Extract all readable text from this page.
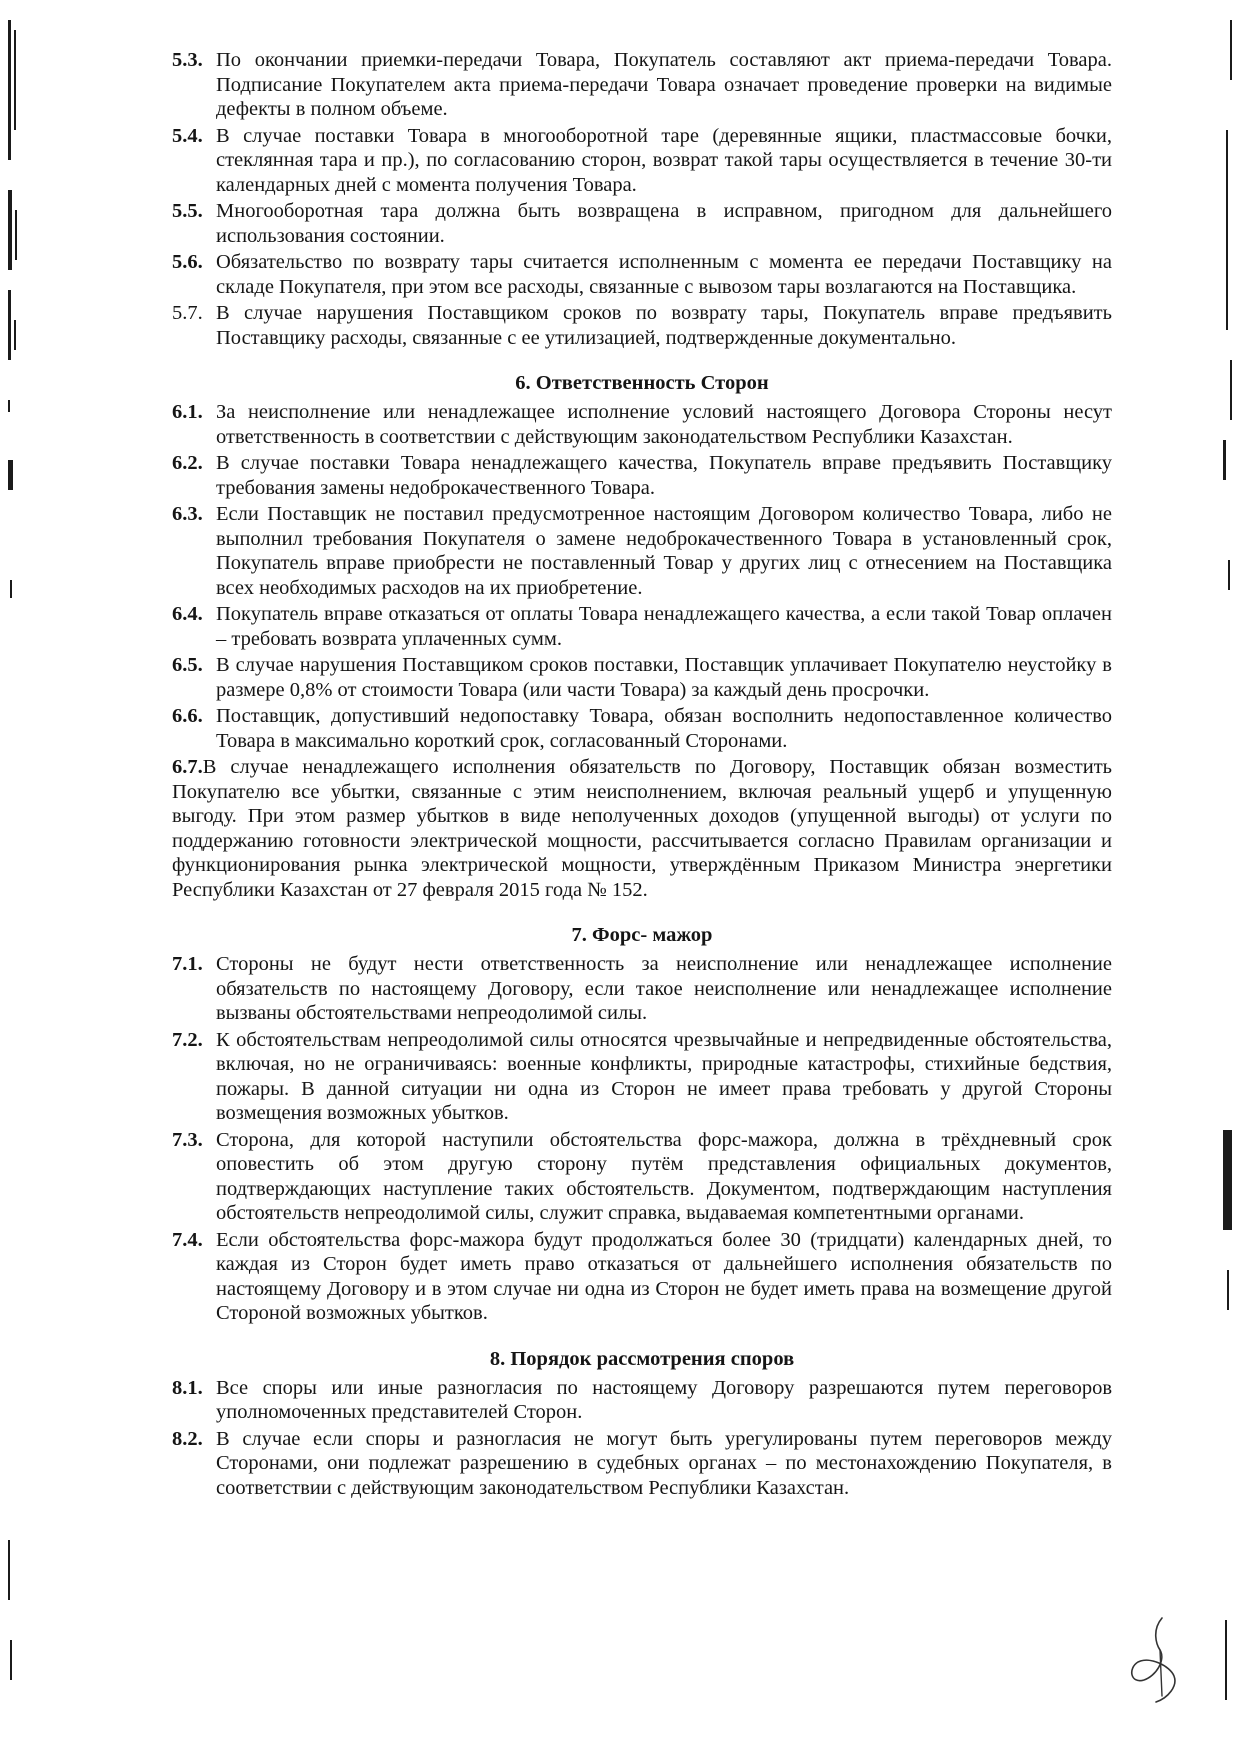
5.3. По окончании приемки-передачи Товара, Покупатель составляют акт приема-передачи Товара. Подписание Покупателем акта приема-передачи Товара означает проведение проверки на видимые дефекты в полном объеме.
5.4. В случае поставки Товара в многооборотной таре (деревянные ящики, пластмассовые бочки, стеклянная тара и пр.), по согласованию сторон, возврат такой тары осуществляется в течение 30-ти календарных дней с момента получения Товара.
5.5. Многооборотная тара должна быть возвращена в исправном, пригодном для дальнейшего использования состоянии.
5.6. Обязательство по возврату тары считается исполненным с момента ее передачи Поставщику на складе Покупателя, при этом все расходы, связанные с вывозом тары возлагаются на Поставщика.
5.7. В случае нарушения Поставщиком сроков по возврату тары, Покупатель вправе предъявить Поставщику расходы, связанные с ее утилизацией, подтвержденные документально.
6. Ответственность Сторон
6.1. За неисполнение или ненадлежащее исполнение условий настоящего Договора Стороны несут ответственность в соответствии с действующим законодательством Республики Казахстан.
6.2. В случае поставки Товара ненадлежащего качества, Покупатель вправе предъявить Поставщику требования замены недоброкачественного Товара.
6.3. Если Поставщик не поставил предусмотренное настоящим Договором количество Товара, либо не выполнил требования Покупателя о замене недоброкачественного Товара в установленный срок, Покупатель вправе приобрести не поставленный Товар у других лиц с отнесением на Поставщика всех необходимых расходов на их приобретение.
6.4. Покупатель вправе отказаться от оплаты Товара ненадлежащего качества, а если такой Товар оплачен – требовать возврата уплаченных сумм.
6.5. В случае нарушения Поставщиком сроков поставки, Поставщик уплачивает Покупателю неустойку в размере 0,8% от стоимости Товара (или части Товара) за каждый день просрочки.
6.6. Поставщик, допустивший недопоставку Товара, обязан восполнить недопоставленное количество Товара в максимально короткий срок, согласованный Сторонами.
6.7.В случае ненадлежащего исполнения обязательств по Договору, Поставщик обязан возместить Покупателю все убытки, связанные с этим неисполнением, включая реальный ущерб и упущенную выгоду. При этом размер убытков в виде неполученных доходов (упущенной выгоды) от услуги по поддержанию готовности электрической мощности, рассчитывается согласно Правилам организации и функционирования рынка электрической мощности, утверждённым Приказом Министра энергетики Республики Казахстан от 27 февраля 2015 года № 152.
7. Форс- мажор
7.1. Стороны не будут нести ответственность за неисполнение или ненадлежащее исполнение обязательств по настоящему Договору, если такое неисполнение или ненадлежащее исполнение вызваны обстоятельствами непреодолимой силы.
7.2. К обстоятельствам непреодолимой силы относятся чрезвычайные и непредвиденные обстоятельства, включая, но не ограничиваясь: военные конфликты, природные катастрофы, стихийные бедствия, пожары. В данной ситуации ни одна из Сторон не имеет права требовать у другой Стороны возмещения возможных убытков.
7.3. Сторона, для которой наступили обстоятельства форс-мажора, должна в трёхдневный срок оповестить об этом другую сторону путём представления официальных документов, подтверждающих наступление таких обстоятельств. Документом, подтверждающим наступления обстоятельств непреодолимой силы, служит справка, выдаваемая компетентными органами.
7.4. Если обстоятельства форс-мажора будут продолжаться более 30 (тридцати) календарных дней, то каждая из Сторон будет иметь право отказаться от дальнейшего исполнения обязательств по настоящему Договору и в этом случае ни одна из Сторон не будет иметь права на возмещение другой Стороной возможных убытков.
8. Порядок рассмотрения споров
8.1. Все споры или иные разногласия по настоящему Договору разрешаются путем переговоров уполномоченных представителей Сторон.
8.2. В случае если споры и разногласия не могут быть урегулированы путем переговоров между Сторонами, они подлежат разрешению в судебных органах – по местонахождению Покупателя, в соответствии с действующим законодательством Республики Казахстан.
